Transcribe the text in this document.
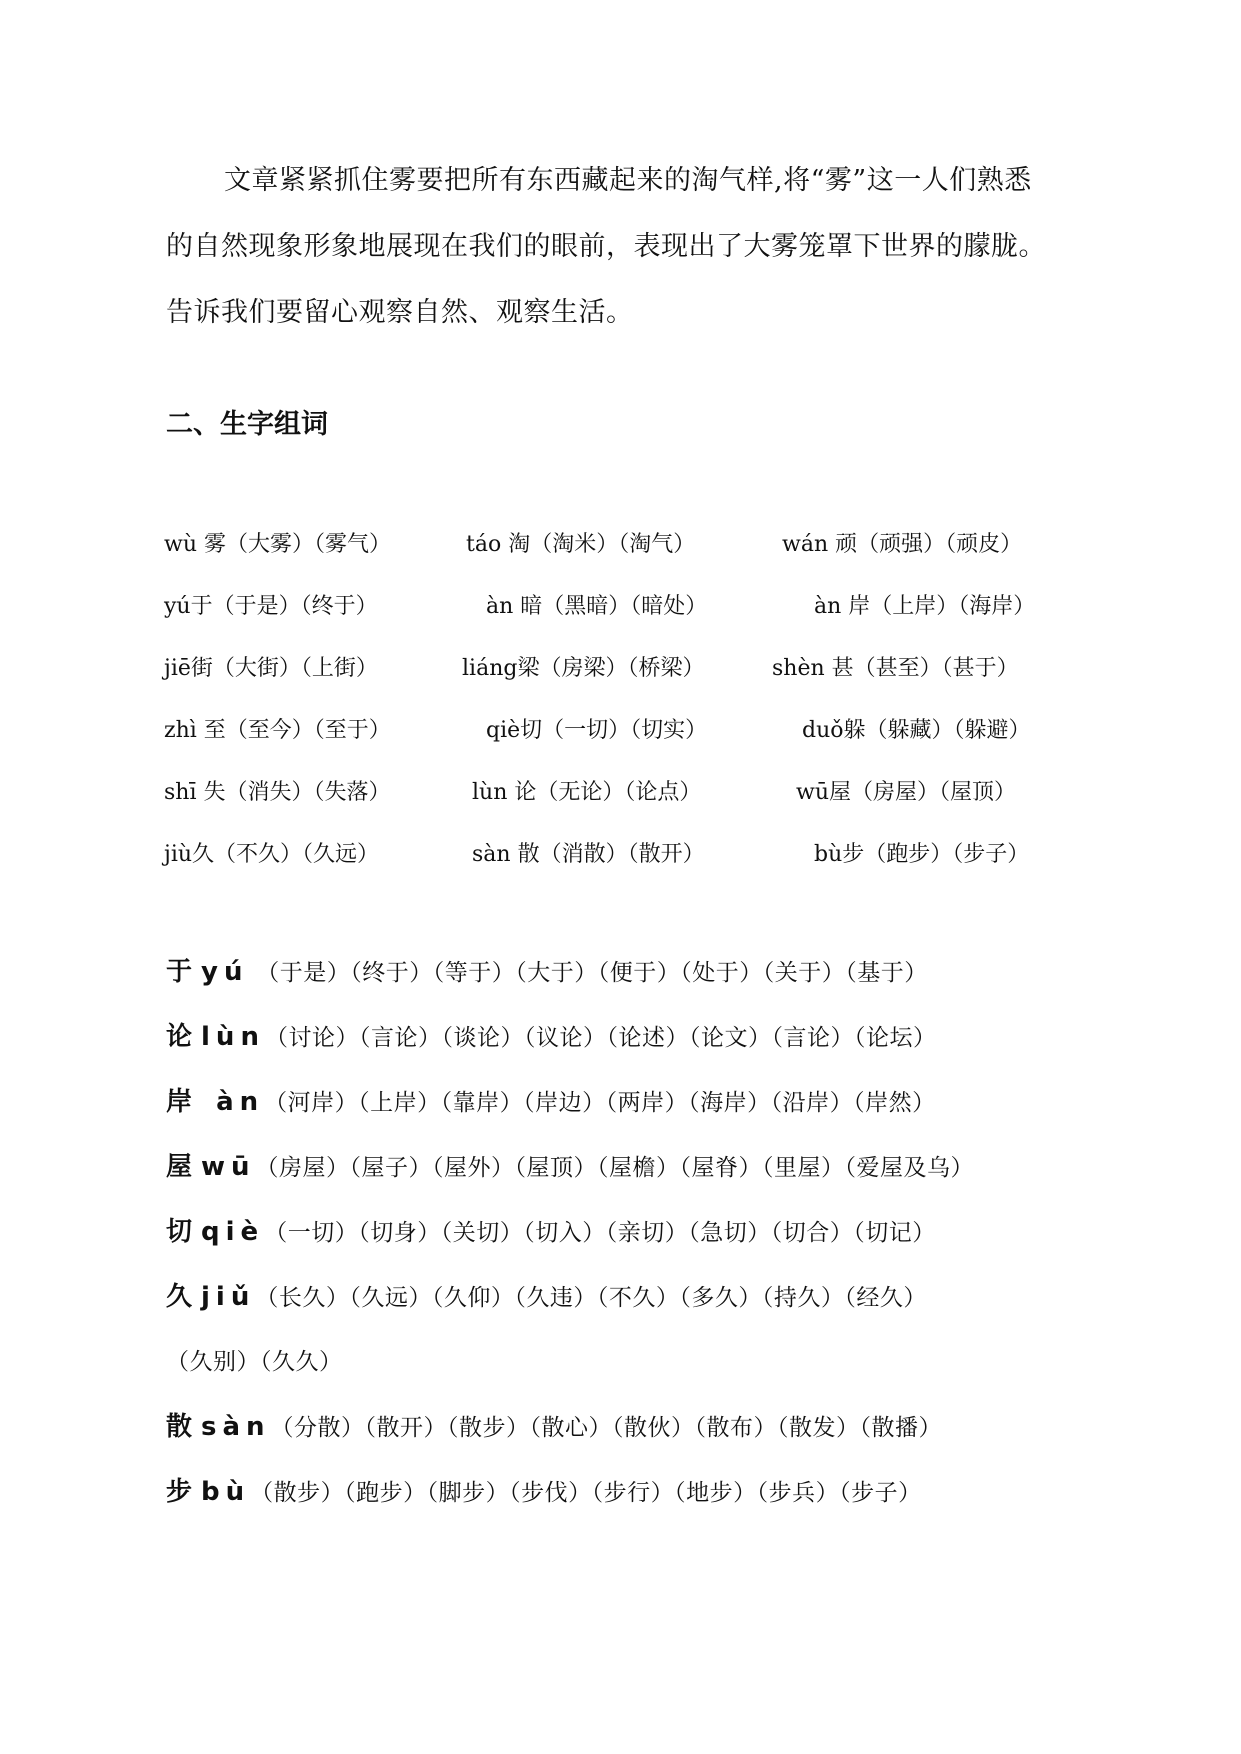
文章紧紧抓住雾要把所有东西藏起来的淘气样,将“雾”这一人们熟悉
的自然现象形象地展现在我们的眼前，表现出了大雾笼罩下世界的朦胧。
告诉我们要留心观察自然、观察生活。
二、生字组词
wù 雾（大雾）（雾气）	táo 淘（淘米）（淘气）	wán 顽（顽强）（顽皮）
yú于（于是）（终于）	àn 暗（黑暗）（暗处）	àn 岸（上岸）（海岸）
jiē街（大街）（上街）	liáng梁（房梁）（桥梁）	shèn 甚（甚至）（甚于）
zhì 至（至今）（至于）	qiè切（一切）（切实）	duǒ躲（躲藏）（躲避）
shī 失（消失）（失落）	lùn 论（无论）（论点）	wū屋（房屋）（屋顶）
jiù久（不久）（久远）	sàn 散（消散）（散开）	bù步（跑步）（步子）
于 yú （于是）（终于）（等于）（大于）（便于）（处于）（关于）（基于）
论 lùn（讨论）（言论）（谈论）（议论）（论述）（论文）（言论）（论坛）
岸 àn（河岸）（上岸）（靠岸）（岸边）（两岸）（海岸）（沿岸）（岸然）
屋 wū（房屋）（屋子）（屋外）（屋顶）（屋檐）（屋脊）（里屋）（爱屋及乌）
切 qiè（一切）（切身）（关切）（切入）（亲切）（急切）（切合）（切记）
久 jiǔ（长久）（久远）（久仰）（久违）（不久）（多久）（持久）（经久）
（久别）（久久）
散 sàn（分散）（散开）（散步）（散心）（散伙）（散布）（散发）（散播）
步 bù（散步）（跑步）（脚步）（步伐）（步行）（地步）（步兵）（步子）
